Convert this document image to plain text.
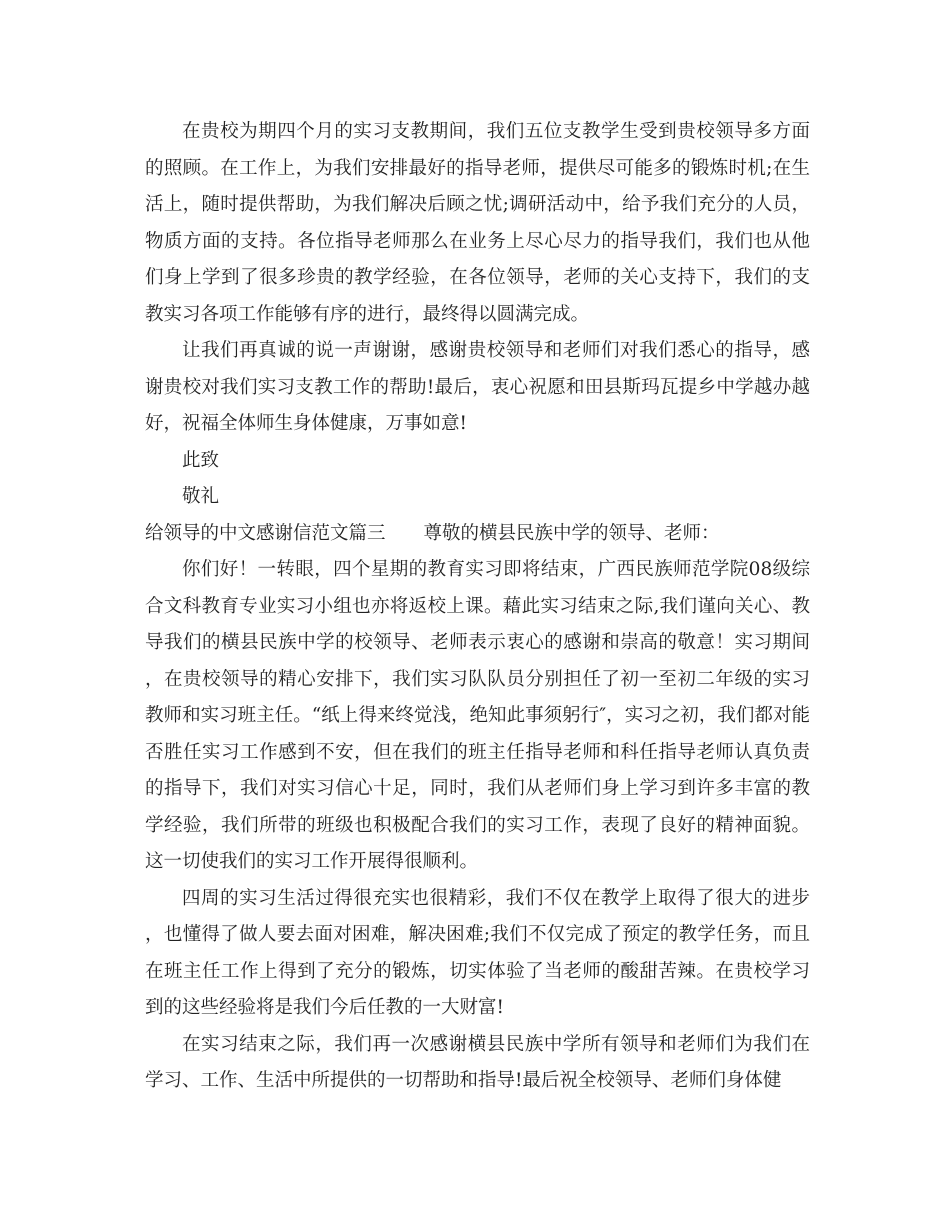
在贵校为期四个月的实习支教期间，我们五位支教学生受到贵校领导多方面的照顾。在工作上，为我们安排最好的指导老师，提供尽可能多的锻炼时机;在生活上，随时提供帮助，为我们解决后顾之忧;调研活动中，给予我们充分的人员，物质方面的支持。各位指导老师那么在业务上尽心尽力的指导我们，我们也从他们身上学到了很多珍贵的教学经验，在各位领导，老师的关心支持下，我们的支教实习各项工作能够有序的进行，最终得以圆满完成。

让我们再真诚的说一声谢谢，感谢贵校领导和老师们对我们悉心的指导，感谢贵校对我们实习支教工作的帮助!最后，衷心祝愿和田县斯玛瓦提乡中学越办越好，祝福全体师生身体健康，万事如意!

此致

敬礼

给领导的中文感谢信范文篇三 尊敬的横县民族中学的领导、老师：

你们好！一转眼，四个星期的教育实习即将结束，广西民族师范学院08级综合文科教育专业实习小组也亦将返校上课。藉此实习结束之际,我们谨向关心、教导我们的横县民族中学的校领导、老师表示衷心的感谢和崇高的敬意！实习期间，在贵校领导的精心安排下，我们实习队队员分别担任了初一至初二年级的实习教师和实习班主任。“纸上得来终觉浅，绝知此事须躬行″，实习之初，我们都对能否胜任实习工作感到不安，但在我们的班主任指导老师和科任指导老师认真负责的指导下，我们对实习信心十足，同时，我们从老师们身上学习到许多丰富的教学经验，我们所带的班级也积极配合我们的实习工作，表现了良好的精神面貌。这一切使我们的实习工作开展得很顺利。

四周的实习生活过得很充实也很精彩，我们不仅在教学上取得了很大的进步，也懂得了做人要去面对困难，解决困难;我们不仅完成了预定的教学任务，而且在班主任工作上得到了充分的锻炼，切实体验了当老师的酸甜苦辣。在贵校学习到的这些经验将是我们今后任教的一大财富!

在实习结束之际，我们再一次感谢横县民族中学所有领导和老师们为我们在学习、工作、生活中所提供的一切帮助和指导!最后祝全校领导、老师们身体健
